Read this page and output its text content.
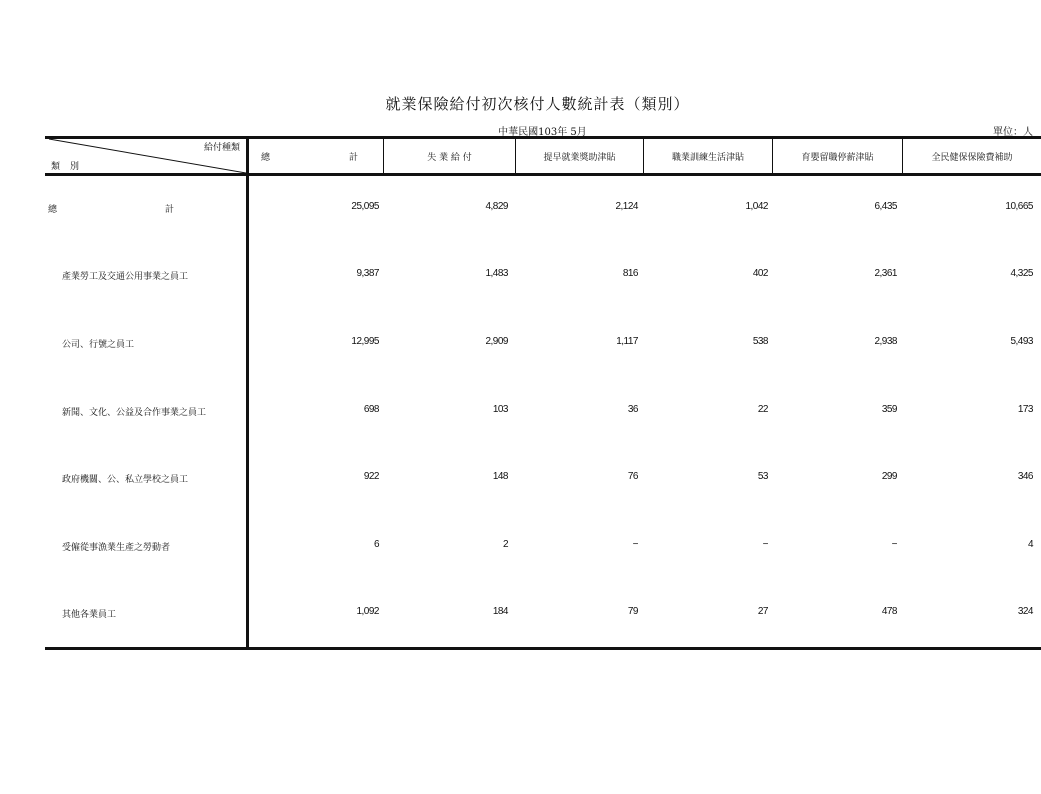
就業保險給付初次核付人數統計表（類別）
中華民國103年 5月	單位：人
給付種類
類別
總　　　計	失 業 給 付	提早就業獎助津貼	職業訓練生活津貼	育嬰留職停薪津貼	全民健保保險費補助
總　　　　　　　　　　　　計	25,095	4,829	2,124	1,042	6,435	10,665
產業勞工及交通公用事業之員工	9,387	1,483	816	402	2,361	4,325
公司、行號之員工	12,995	2,909	1,117	538	2,938	5,493
新聞、文化、公益及合作事業之員工	698	103	36	22	359	173
政府機關、公、私立學校之員工	922	148	76	53	299	346
受僱從事漁業生產之勞動者	6	2	−	−	−	4
其他各業員工	1,092	184	79	27	478	324
